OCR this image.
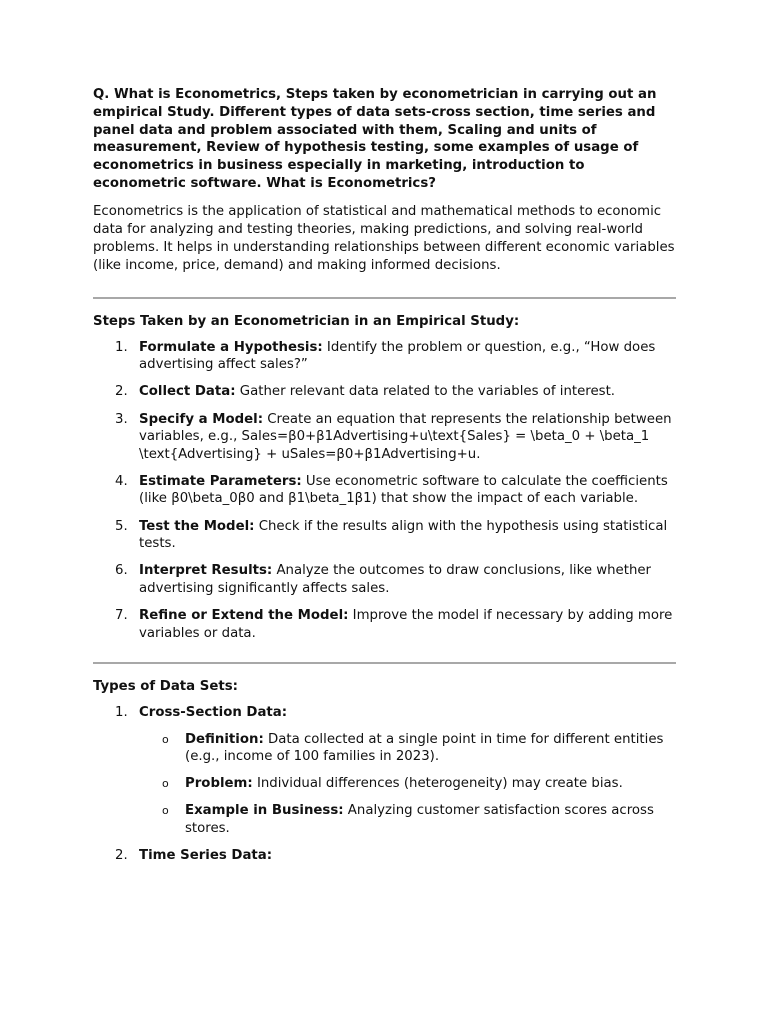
Q. What is Econometrics, Steps taken by econometrician in carrying out an empirical Study. Different types of data sets-cross section, time series and panel data and problem associated with them, Scaling and units of measurement, Review of hypothesis testing, some examples of usage of econometrics in business especially in marketing, introduction to econometric software. What is Econometrics?

Econometrics is the application of statistical and mathematical methods to economic data for analyzing and testing theories, making predictions, and solving real-world problems. It helps in understanding relationships between different economic variables (like income, price, demand) and making informed decisions.

Steps Taken by an Econometrician in an Empirical Study:

1. Formulate a Hypothesis: Identify the problem or question, e.g., “How does advertising affect sales?”
2. Collect Data: Gather relevant data related to the variables of interest.
3. Specify a Model: Create an equation that represents the relationship between variables, e.g., Sales=β0+β1Advertising+u\text{Sales} = \beta_0 + \beta_1 \text{Advertising} + uSales=β0+β1Advertising+u.
4. Estimate Parameters: Use econometric software to calculate the coefficients (like β0\beta_0β0 and β1\beta_1β1) that show the impact of each variable.
5. Test the Model: Check if the results align with the hypothesis using statistical tests.
6. Interpret Results: Analyze the outcomes to draw conclusions, like whether advertising significantly affects sales.
7. Refine or Extend the Model: Improve the model if necessary by adding more variables or data.

Types of Data Sets:

1. Cross-Section Data:
o Definition: Data collected at a single point in time for different entities (e.g., income of 100 families in 2023).
o Problem: Individual differences (heterogeneity) may create bias.
o Example in Business: Analyzing customer satisfaction scores across stores.
2. Time Series Data:
